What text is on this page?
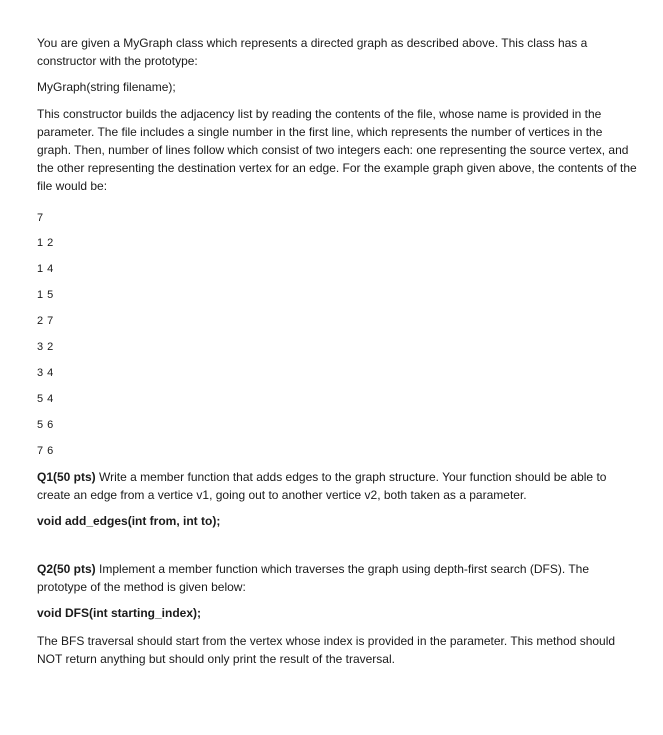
You are given a MyGraph class which represents a directed graph as described above. This class has a constructor with the prototype:

MyGraph(string filename);

This constructor builds the adjacency list by reading the contents of the file, whose name is provided in the parameter. The file includes a single number in the first line, which represents the number of vertices in the graph. Then, number of lines follow which consist of two integers each: one representing the source vertex, and the other representing the destination vertex for an edge. For the example graph given above, the contents of the file would be:

7
1 2
1 4
1 5
2 7
3 2
3 4
5 4
5 6
7 6

Q1(50 pts) Write a member function that adds edges to the graph structure. Your function should be able to create an edge from a vertice v1, going out to another vertice v2, both taken as a parameter.

void add_edges(int from, int to);

Q2(50 pts) Implement a member function which traverses the graph using depth-first search (DFS). The prototype of the method is given below:

void DFS(int starting_index);

The BFS traversal should start from the vertex whose index is provided in the parameter. This method should NOT return anything but should only print the result of the traversal.
